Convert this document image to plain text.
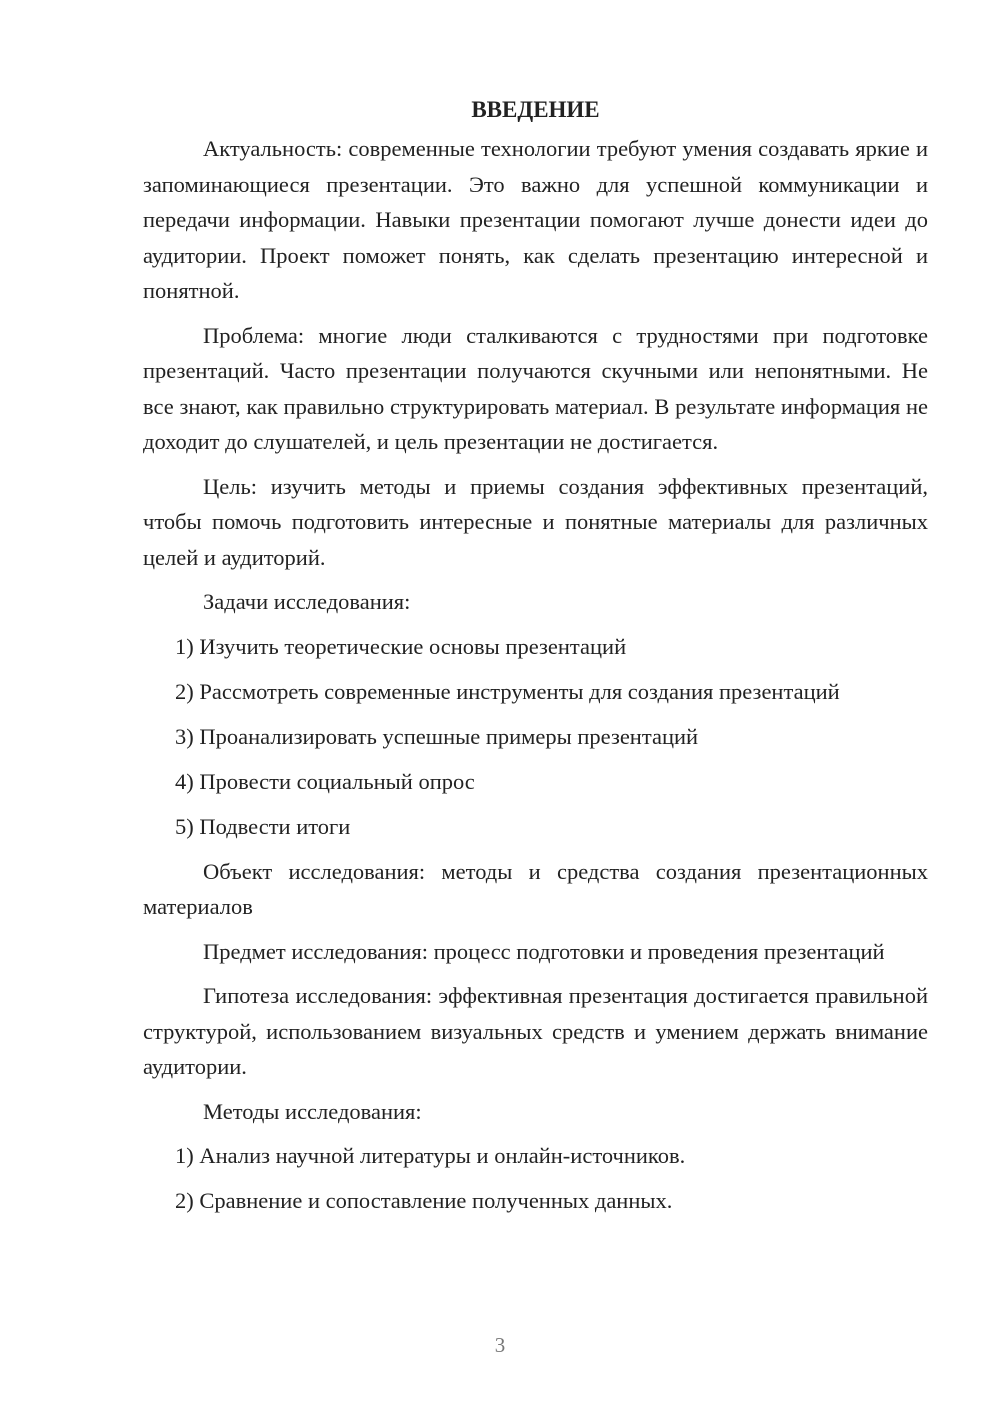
ВВЕДЕНИЕ

Актуальность: современные технологии требуют умения создавать яркие и запоминающиеся презентации. Это важно для успешной коммуникации и передачи информации. Навыки презентации помогают лучше донести идеи до аудитории. Проект поможет понять, как сделать презентацию интересной и понятной.

Проблема: многие люди сталкиваются с трудностями при подготовке презентаций. Часто презентации получаются скучными или непонятными. Не все знают, как правильно структурировать материал. В результате информация не доходит до слушателей, и цель презентации не достигается.

Цель: изучить методы и приемы создания эффективных презентаций, чтобы помочь подготовить интересные и понятные материалы для различных целей и аудиторий.

Задачи исследования:

1) Изучить теоретические основы презентаций
2) Рассмотреть современные инструменты для создания презентаций
3) Проанализировать успешные примеры презентаций
4) Провести социальный опрос
5) Подвести итоги

Объект исследования: методы и средства создания презентационных материалов

Предмет исследования: процесс подготовки и проведения презентаций

Гипотеза исследования: эффективная презентация достигается правильной структурой, использованием визуальных средств и умением держать внимание аудитории.

Методы исследования:

1) Анализ научной литературы и онлайн-источников.
2) Сравнение и сопоставление полученных данных.
3
